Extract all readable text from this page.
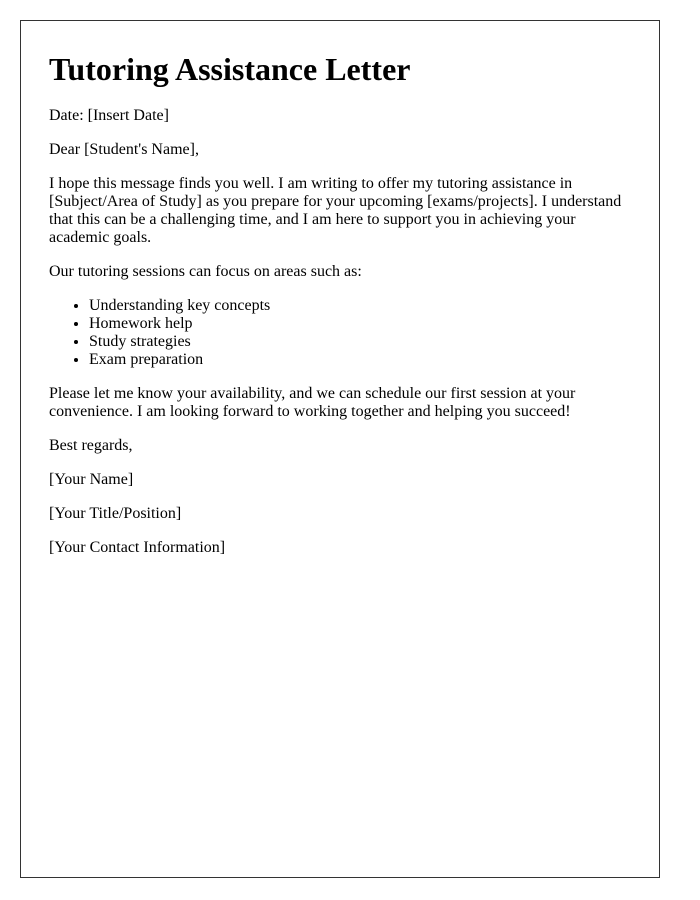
Tutoring Assistance Letter

Date: [Insert Date]

Dear [Student's Name],

I hope this message finds you well. I am writing to offer my tutoring assistance in [Subject/Area of Study] as you prepare for your upcoming [exams/projects]. I understand that this can be a challenging time, and I am here to support you in achieving your academic goals.

Our tutoring sessions can focus on areas such as:

• Understanding key concepts
• Homework help
• Study strategies
• Exam preparation

Please let me know your availability, and we can schedule our first session at your convenience. I am looking forward to working together and helping you succeed!

Best regards,

[Your Name]

[Your Title/Position]

[Your Contact Information]
